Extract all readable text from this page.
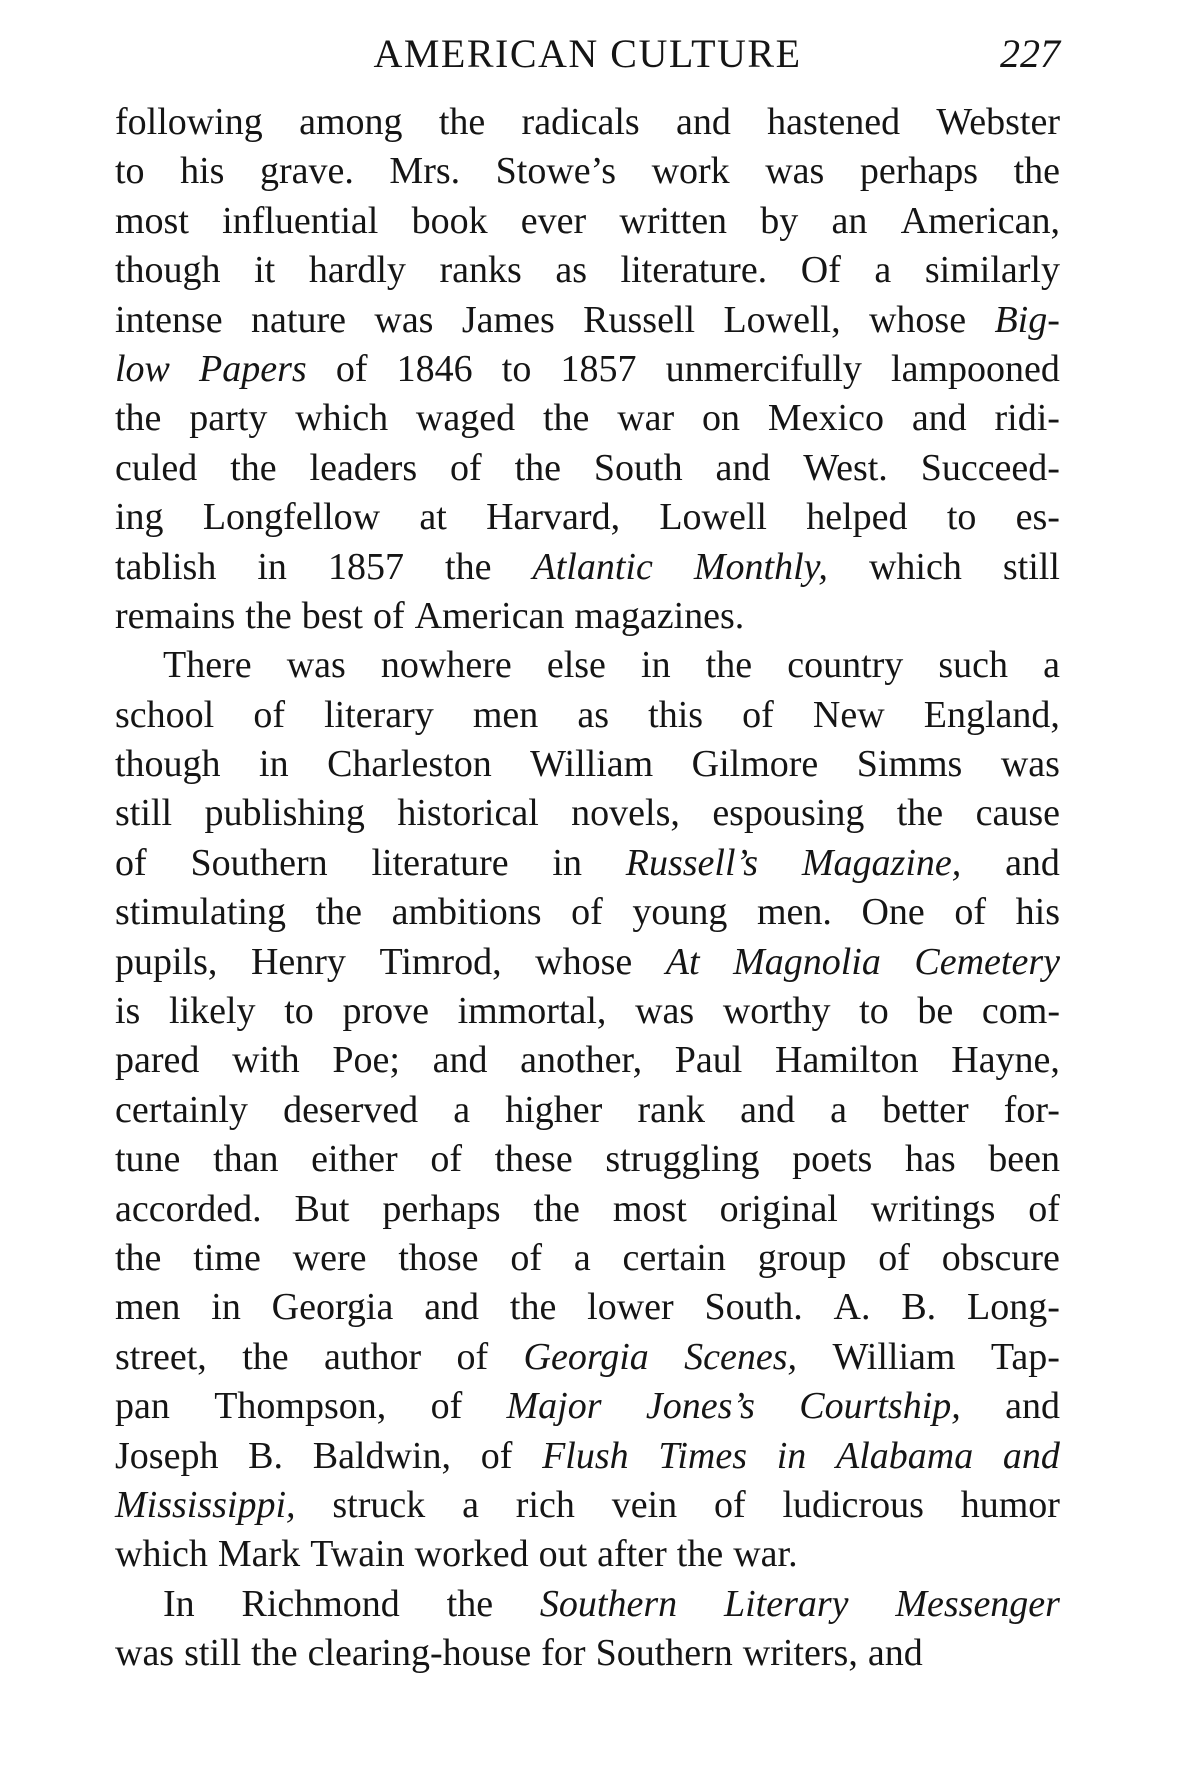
AMERICAN CULTURE	227
following among the radicals and hastened Webster
to his grave. Mrs. Stowe’s work was perhaps the
most influential book ever written by an American,
though it hardly ranks as literature. Of a similarly
intense nature was James Russell Lowell, whose Big-
low Papers of 1846 to 1857 unmercifully lampooned
the party which waged the war on Mexico and ridi-
culed the leaders of the South and West. Succeed-
ing Longfellow at Harvard, Lowell helped to es-
tablish in 1857 the Atlantic Monthly, which still
remains the best of American magazines.
There was nowhere else in the country such a
school of literary men as this of New England,
though in Charleston William Gilmore Simms was
still publishing historical novels, espousing the cause
of Southern literature in Russell’s Magazine, and
stimulating the ambitions of young men. One of his
pupils, Henry Timrod, whose At Magnolia Cemetery
is likely to prove immortal, was worthy to be com-
pared with Poe; and another, Paul Hamilton Hayne,
certainly deserved a higher rank and a better for-
tune than either of these struggling poets has been
accorded. But perhaps the most original writings of
the time were those of a certain group of obscure
men in Georgia and the lower South. A. B. Long-
street, the author of Georgia Scenes, William Tap-
pan Thompson, of Major Jones’s Courtship, and
Joseph B. Baldwin, of Flush Times in Alabama and
Mississippi, struck a rich vein of ludicrous humor
which Mark Twain worked out after the war.
In Richmond the Southern Literary Messenger
was still the clearing-house for Southern writers, and
